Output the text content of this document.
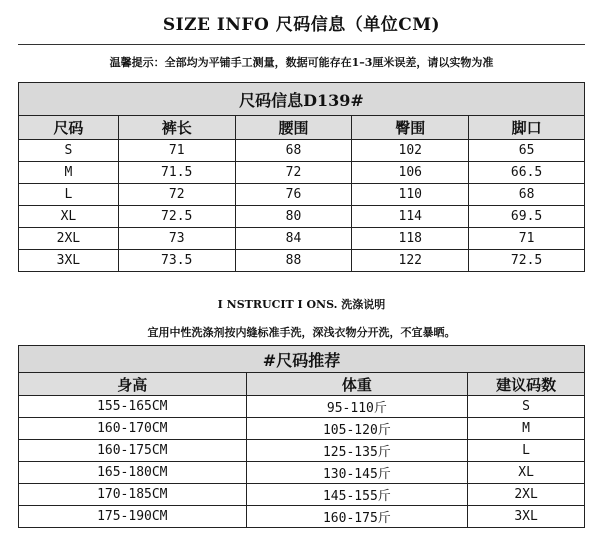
SIZE INFO 尺码信息（单位CM)
温馨提示：全部均为平铺手工测量，数据可能存在1–3厘米误差，请以实物为准
尺码信息D139#				
尺码	裤长	腰围	臀围	脚口
S	71	68	102	65
M	71.5	72	106	66.5
L	72	76	110	68
XL	72.5	80	114	69.5
2XL	73	84	118	71
3XL	73.5	88	122	72.5
I NSTRUCIT I ONS. 洗涤说明
宜用中性洗涤剂按内缝标准手洗，深浅衣物分开洗，不宜暴晒。
#尺码推荐		
身高	体重	建议码数
155-165CM	95-110斤	S
160-170CM	105-120斤	M
160-175CM	125-135斤	L
165-180CM	130-145斤	XL
170-185CM	145-155斤	2XL
175-190CM	160-175斤	3XL
